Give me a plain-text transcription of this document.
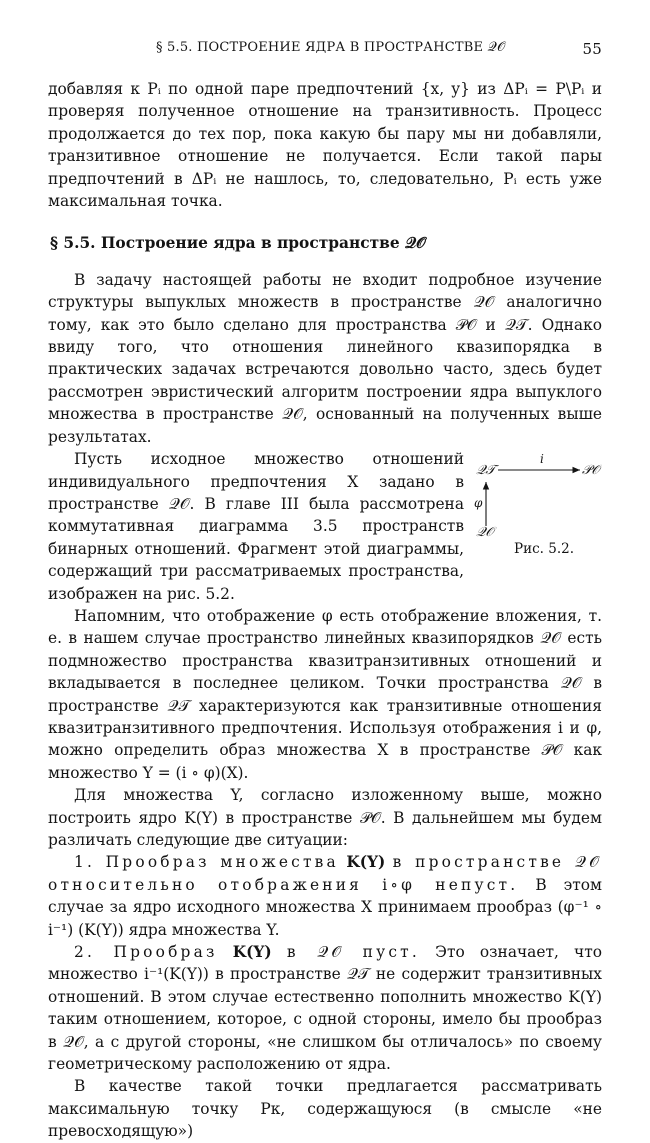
§ 5.5. ПОСТРОЕНИЕ ЯДРА В ПРОСТРАНСТВЕ 𝒬𝒪	55

добавляя к Pᵢ по одной паре предпочтений {x, y} из ΔPᵢ = P\Pᵢ и проверяя полученное отношение на транзитивность. Процесс продолжается до тех пор, пока какую бы пару мы ни добавляли, транзитивное отношение не получается. Если такой пары предпочтений в ΔPᵢ не нашлось, то, следовательно, Pᵢ есть уже максимальная точка.

§ 5.5. Построение ядра в пространстве 𝒬𝒪

В задачу настоящей работы не входит подробное изучение структуры выпуклых множеств в пространстве 𝒬𝒪 аналогично тому, как это было сделано для пространства 𝒫𝒪 и 𝒬𝒯. Однако ввиду того, что отношения линейного квазипорядка в практических задачах встречаются довольно часто, здесь будет рассмотрен эвристический алгоритм построении ядра выпуклого множества в пространстве 𝒬𝒪, основанный на полученных выше результатах.

𝒬𝒯
i
𝒫𝒪
φ
𝒬𝒪
Рис. 5.2.

Пусть исходное множество отношений индивидуального предпочтения X задано в пространстве 𝒬𝒪. В главе III была рассмотрена коммутативная диаграмма 3.5 пространств бинарных отношений. Фрагмент этой диаграммы, содержащий три рассматриваемых пространства, изображен на рис. 5.2.

Напомним, что отображение φ есть отображение вложения, т. е. в нашем случае пространство линейных квазипорядков 𝒬𝒪 есть подмножество пространства квазитранзитивных отношений и вкладывается в последнее целиком. Точки пространства 𝒬𝒪 в пространстве 𝒬𝒯 характеризуются как транзитивные отношения квазитранзитивного предпочтения. Используя отображения i и φ, можно определить образ множества X в пространстве 𝒫𝒪 как множество Y = (i ∘ φ)(X).

Для множества Y, согласно изложенному выше, можно построить ядро K(Y) в пространстве 𝒫𝒪. В дальнейшем мы будем различать следующие две ситуации:

1. Прообраз множества K(Y) в пространстве 𝒬𝒪 относительно отображения i∘φ непуст. В этом случае за ядро исходного множества X принимаем прообраз (φ⁻¹ ∘ i⁻¹) (K(Y)) ядра множества Y.

2. Прообраз K(Y) в 𝒬𝒪 пуст. Это означает, что множество i⁻¹(K(Y)) в пространстве 𝒬𝒯 не содержит транзитивных отношений. В этом случае естественно пополнить множество K(Y) таким отношением, которое, с одной стороны, имело бы прообраз в 𝒬𝒪, а с другой стороны, «не слишком бы отличалось» по своему геометрическому расположению от ядра.

В качестве такой точки предлагается рассматривать максимальную точку Pк, содержащуюся (в смысле «не превосходящую»)
